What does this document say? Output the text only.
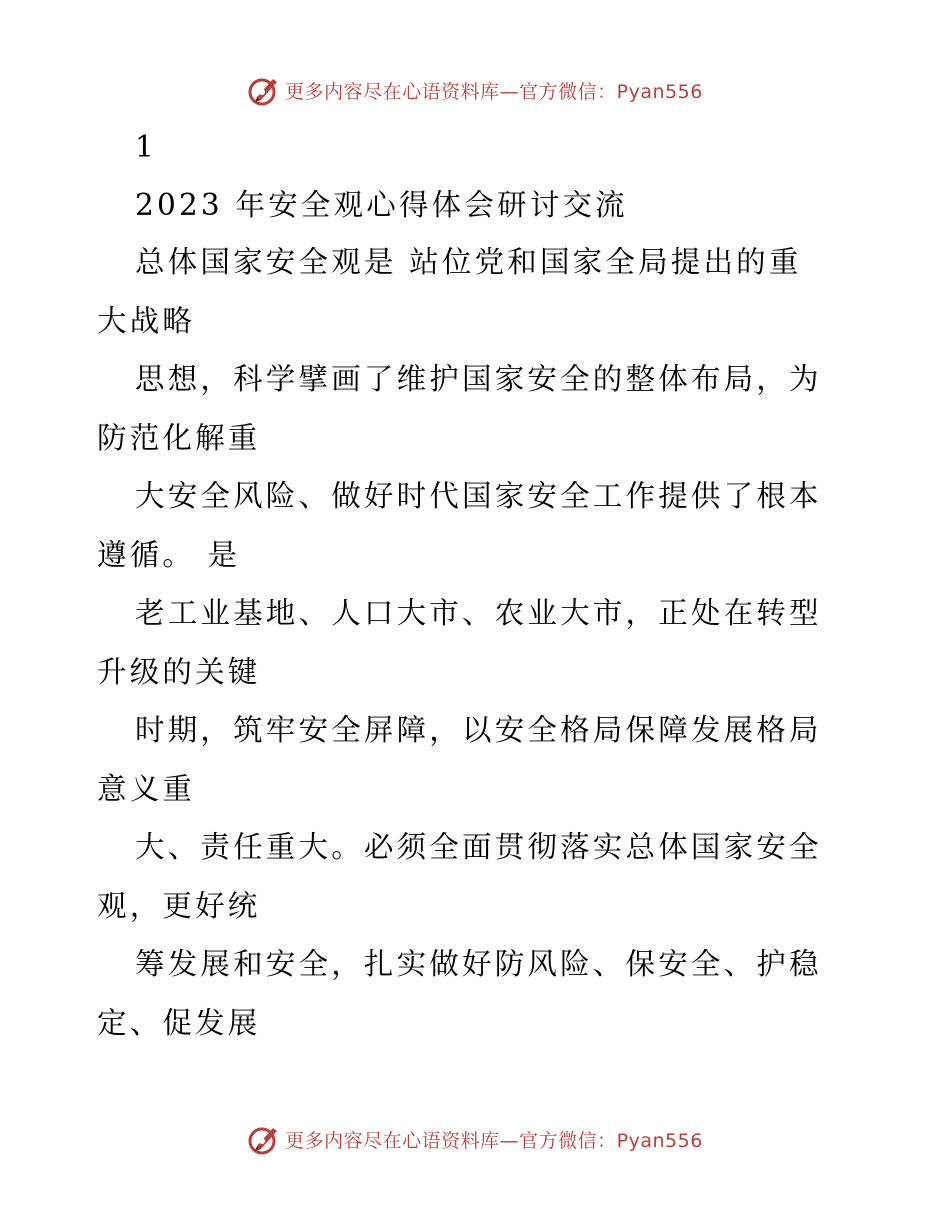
更多内容尽在心语资料库—官方微信：Pyan556
1
2023 年安全观心得体会研讨交流
总体国家安全观是 站位党和国家全局提出的重
大战略
思想，科学擘画了维护国家安全的整体布局，为
防范化解重
大安全风险、做好时代国家安全工作提供了根本
遵循。 是
老工业基地、人口大市、农业大市，正处在转型
升级的关键
时期，筑牢安全屏障，以安全格局保障发展格局
意义重
大、责任重大。必须全面贯彻落实总体国家安全
观，更好统
筹发展和安全，扎实做好防风险、保安全、护稳
定、促发展
更多内容尽在心语资料库—官方微信：Pyan556
